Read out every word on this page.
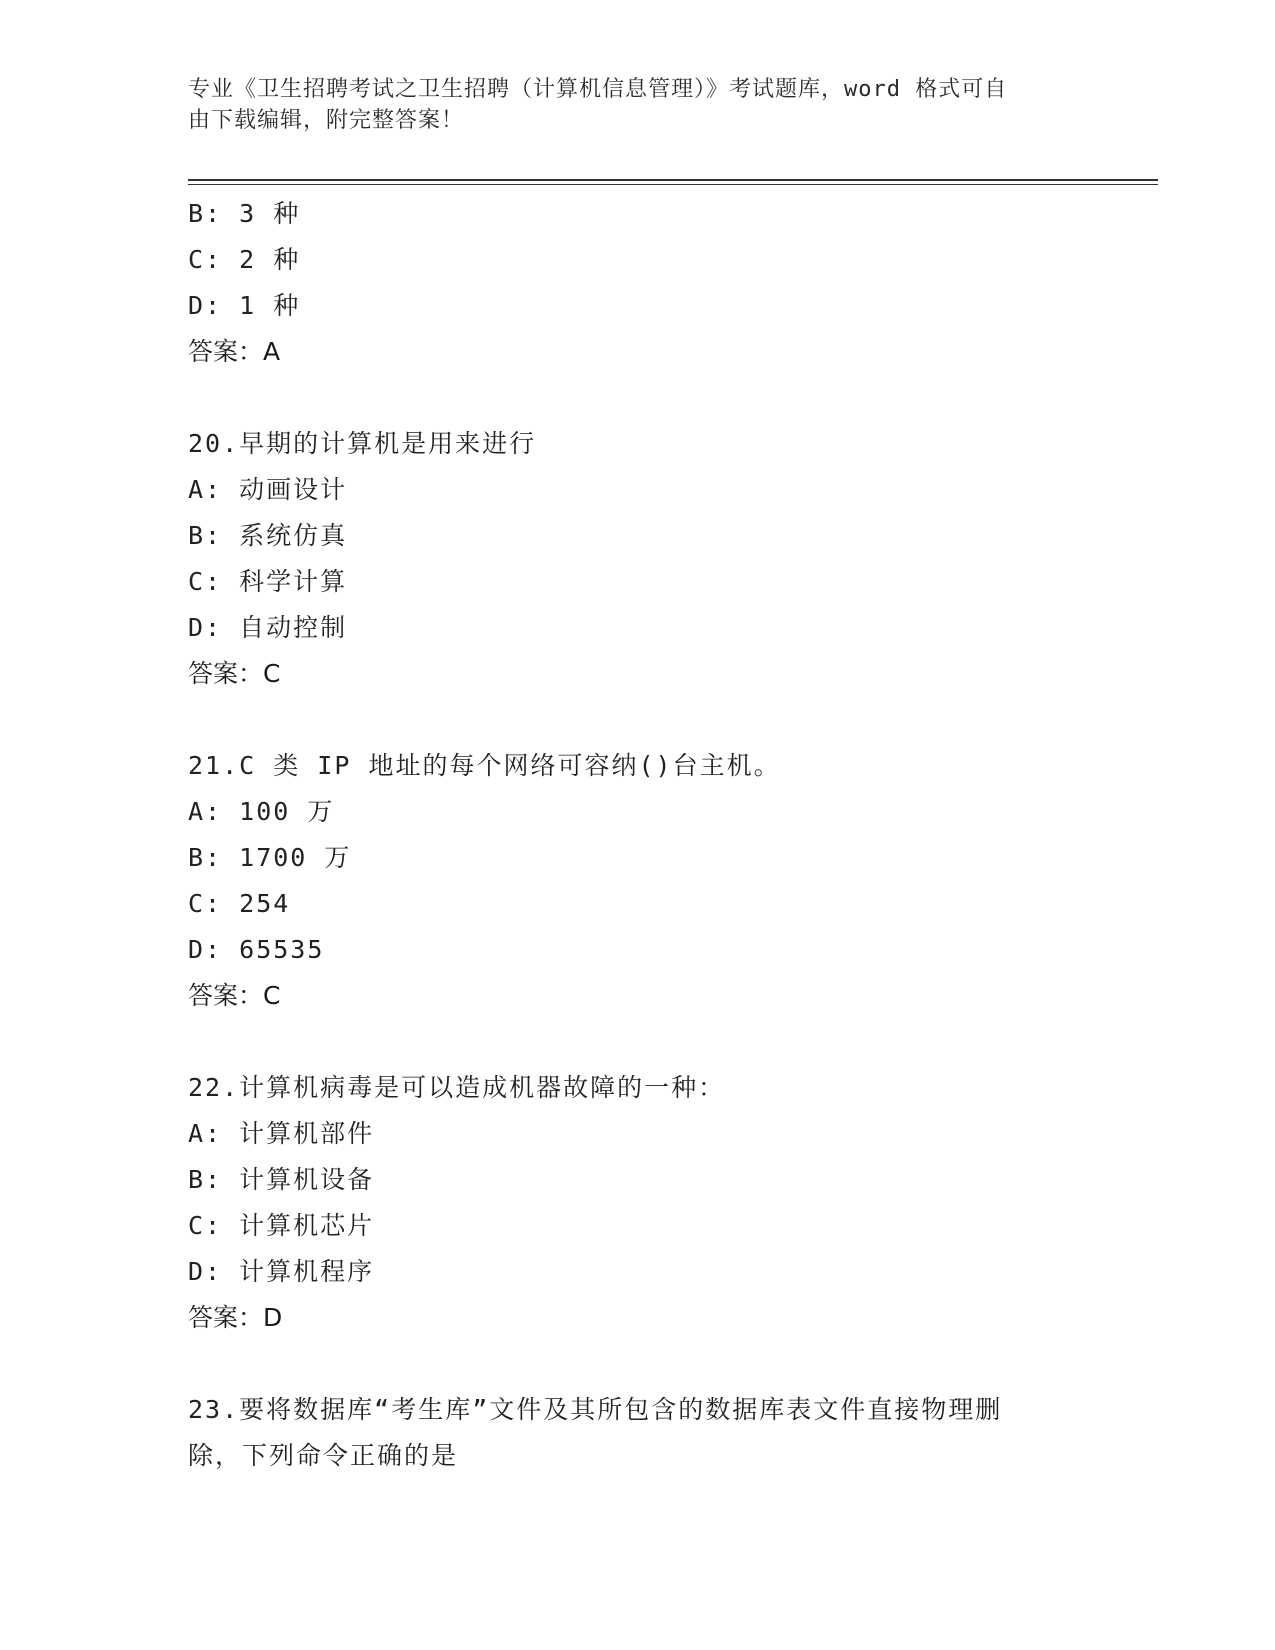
专业《卫生招聘考试之卫生招聘（计算机信息管理）》考试题库，word 格式可自
由下载编辑，附完整答案！
B: 3 种
C: 2 种
D: 1 种
答案：A
20.早期的计算机是用来进行
A: 动画设计
B: 系统仿真
C: 科学计算
D: 自动控制
答案：C
21.C 类 IP 地址的每个网络可容纳()台主机。
A: 100 万
B: 1700 万
C: 254
D: 65535
答案：C
22.计算机病毒是可以造成机器故障的一种：
A: 计算机部件
B: 计算机设备
C: 计算机芯片
D: 计算机程序
答案：D
23.要将数据库“考生库”文件及其所包含的数据库表文件直接物理删
除，下列命令正确的是
